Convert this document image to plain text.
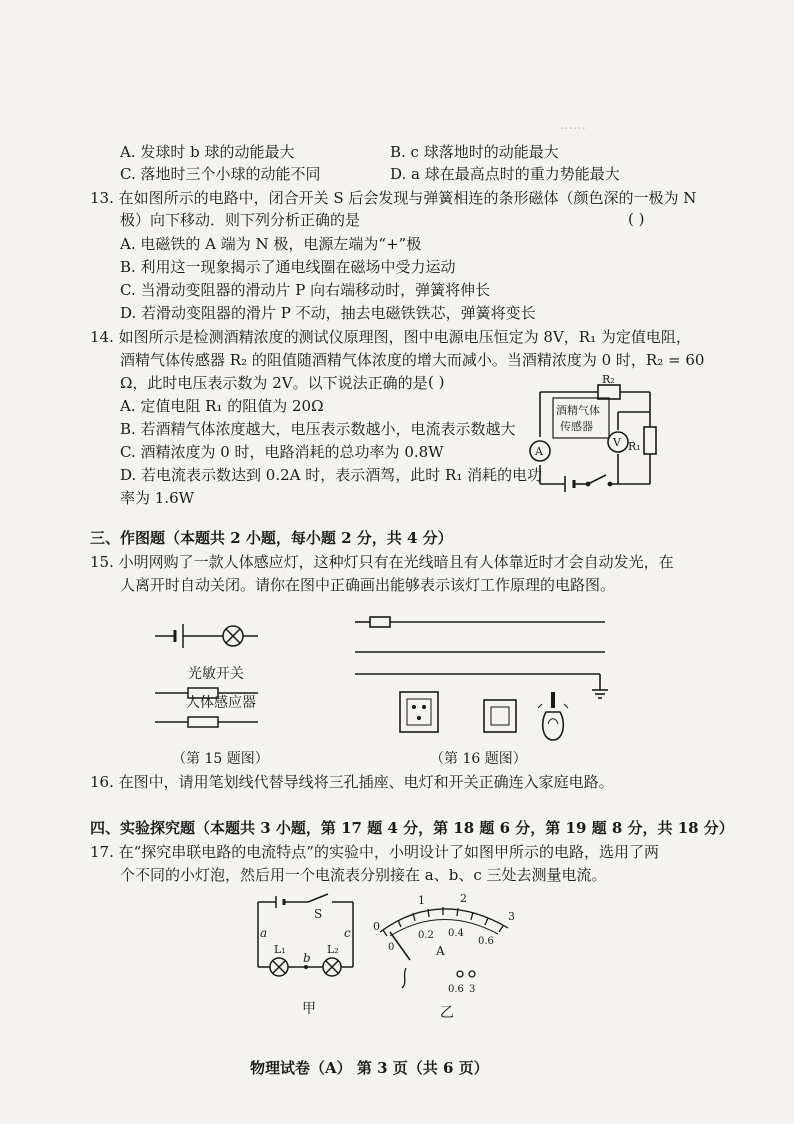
……
A. 发球时 b 球的动能最大	B. c 球落地时的动能最大
C. 落地时三个小球的动能不同	D. a 球在最高点时的重力势能最大
13. 在如图所示的电路中，闭合开关 S 后会发现与弹簧相连的条形磁体（颜色深的一极为 N
极）向下移动．则下列分析正确的是	( )
A. 电磁铁的 A 端为 N 极，电源左端为“+”极
B. 利用这一现象揭示了通电线圈在磁场中受力运动
C. 当滑动变阻器的滑动片 P 向右端移动时，弹簧将伸长
D. 若滑动变阻器的滑片 P 不动，抽去电磁铁铁芯，弹簧将变长
14. 如图所示是检测酒精浓度的测试仪原理图，图中电源电压恒定为 8V，R₁ 为定值电阻，
酒精气体传感器 R₂ 的阻值随酒精气体浓度的增大而减小。当酒精浓度为 0 时，R₂ = 60
Ω，此时电压表示数为 2V。以下说法正确的是 ( )
A. 定值电阻 R₁ 的阻值为 20Ω
B. 若酒精气体浓度越大，电压表示数越小，电流表示数越大
C. 酒精浓度为 0 时，电路消耗的总功率为 0.8W
D. 若电流表示数达到 0.2A 时，表示酒驾，此时 R₁ 消耗的电功
率为 1.6W
R₂
酒精气体
传感器
A
V R₁
三、作图题（本题共 2 小题，每小题 2 分，共 4 分）
15. 小明网购了一款人体感应灯，这种灯只有在光线暗且有人体靠近时才会自动发光，在
人离开时自动关闭。请你在图中正确画出能够表示该灯工作原理的电路图。
光敏开关
人体感应器
（第 15 题图）	（第 16 题图）
16. 在图中，请用笔划线代替导线将三孔插座、电灯和开关正确连入家庭电路。
四、实验探究题（本题共 3 小题，第 17 题 4 分，第 18 题 6 分，第 19 题 8 分，共 18 分）
17. 在“探究串联电路的电流特点”的实验中，小明设计了如图甲所示的电路，选用了两
个不同的小灯泡，然后用一个电流表分别接在 a、b、c 三处去测量电流。
S
a
b
c
L₁	L₂
甲
0
1	2
3
0
0.2 0.4
0.6
A
0.6 3
乙
物理试卷（A） 第 3 页（共 6 页）
